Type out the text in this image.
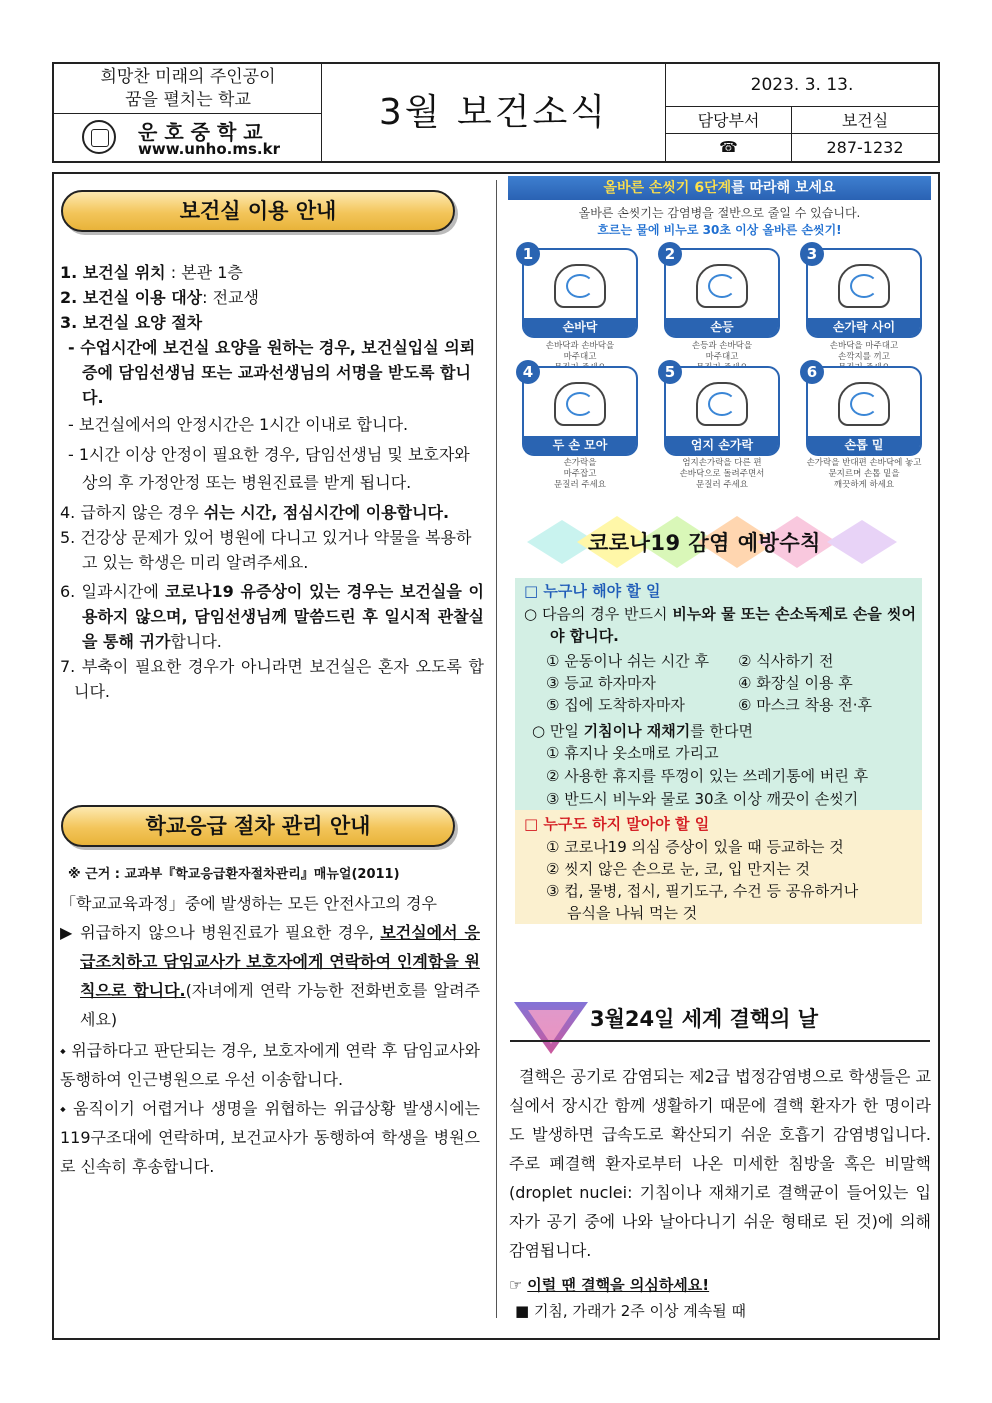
희망찬 미래의 주인공이
꿈을 펼치는 학교
운호중학교
www.unho.ms.kr
3월 보건소식
2023. 3. 13.
담당부서	보건실
☎	287-1232
보건실 이용 안내

1. 보건실 위치 : 본관 1층

2. 보건실 이용 대상: 전교생

3. 보건실 요양 절차

- 수업시간에 보건실 요양을 원하는 경우, 보건실입실 의뢰증에 담임선생님 또는 교과선생님의 서명을 받도록 합니다.

- 보건실에서의 안정시간은 1시간 이내로 합니다.

- 1시간 이상 안정이 필요한 경우, 담임선생님 및 보호자와 상의 후 가정안정 또는 병원진료를 받게 됩니다.

4. 급하지 않은 경우 쉬는 시간, 점심시간에 이용합니다.

5. 건강상 문제가 있어 병원에 다니고 있거나 약물을 복용하고 있는 학생은 미리 알려주세요.

6. 일과시간에 코로나19 유증상이 있는 경우는 보건실을 이용하지 않으며, 담임선생님께 말씀드린 후 일시적 관찰실을 통해 귀가합니다.

7. 부축이 필요한 경우가 아니라면 보건실은 혼자 오도록 합니다.

학교응급 절차 관리 안내

※ 근거 : 교과부『학교응급환자절차관리』매뉴얼(2011)

「학교교육과정」중에 발생하는 모든 안전사고의 경우

▶ 위급하지 않으나 병원진료가 필요한 경우, 보건실에서 응급조치하고 담임교사가 보호자에게 연락하여 인계함을 원칙으로 합니다.(자녀에게 연락 가능한 전화번호를 알려주세요)

⬩ 위급하다고 판단되는 경우, 보호자에게 연락 후 담임교사와 동행하여 인근병원으로 우선 이송합니다.

⬩ 움직이기 어렵거나 생명을 위협하는 위급상황 발생시에는 119구조대에 연락하며, 보건교사가 동행하여 학생을 병원으로 신속히 후송합니다.

올바른 손씻기 6단계를 따라해 보세요
올바른 손씻기는 감염병을 절반으로 줄일 수 있습니다.
흐르는 물에 비누로 30초 이상 올바른 손씻기!
1
손바닥
2
손등
3
손가락 사이
손바닥과 손바닥을
마주대고
손등과 손바닥을
마주대고
손바닥을 마주대고
손깍지를 끼고
4
두 손 모아
5
엄지 손가락
6
손톱 밑
손가락을
마주잡고
문질러 주세요
엄지손가락을 다른 편
손바닥으로 돌려주면서
문질러 주세요
손가락을 반대편 손바닥에 놓고
문지르며 손톱 밑을
깨끗하게 하세요
코로나19 감염 예방수칙
□ 누구나 해야 할 일
○ 다음의 경우 반드시 비누와 물 또는 손소독제로 손을 씻어야 합니다.
① 운동이나 쉬는 시간 후 ② 식사하기 전
③ 등교 하자마자	④ 화장실 이용 후
⑤ 집에 도착하자마자	⑥ 마스크 착용 전·후
○ 만일 기침이나 재채기를 한다면
① 휴지나 옷소매로 가리고
② 사용한 휴지를 뚜껑이 있는 쓰레기통에 버린 후
③ 반드시 비누와 물로 30초 이상 깨끗이 손씻기
□ 누구도 하지 말아야 할 일
① 코로나19 의심 증상이 있을 때 등교하는 것
② 씻지 않은 손으로 눈, 코, 입 만지는 것
③ 컵, 물병, 접시, 필기도구, 수건 등 공유하거나
음식을 나눠 먹는 것
3월24일 세계 결핵의 날
결핵은 공기로 감염되는 제2급 법정감염병으로 학생들은 교실에서 장시간 함께 생활하기 때문에 결핵 환자가 한 명이라도 발생하면 급속도로 확산되기 쉬운 호흡기 감염병입니다. 주로 폐결핵 환자로부터 나온 미세한 침방울 혹은 비말핵(droplet nuclei: 기침이나 재채기로 결핵균이 들어있는 입자가 공기 중에 나와 날아다니기 쉬운 형태로 된 것)에 의해 감염됩니다.
☞ 이럴 땐 결핵을 의심하세요!
■ 기침, 가래가 2주 이상 계속될 때
